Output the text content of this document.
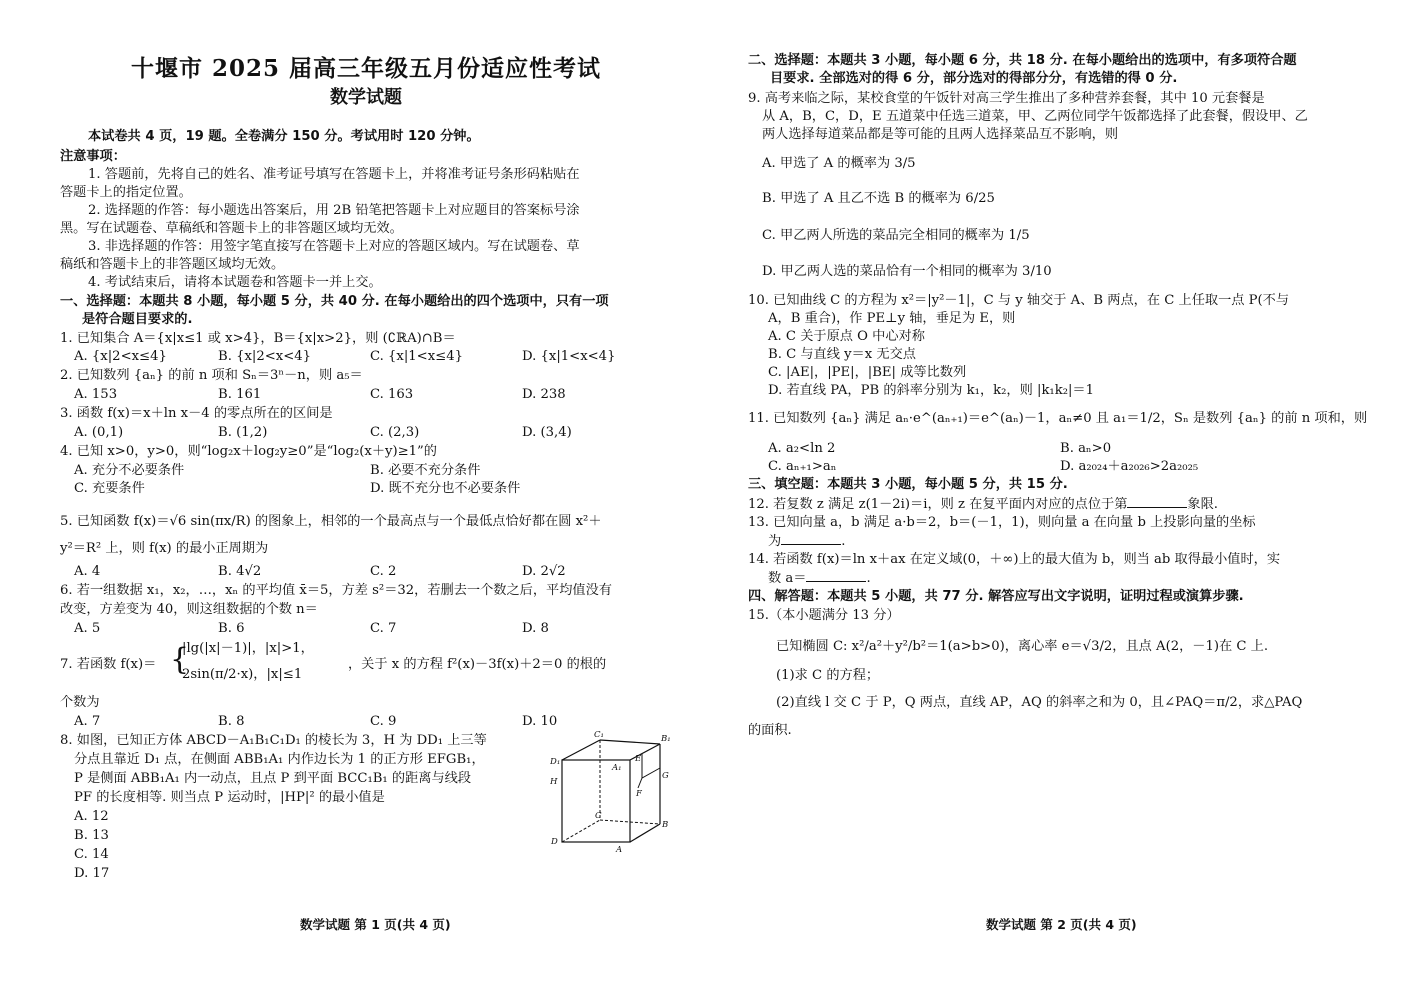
十堰市 2025 届高三年级五月份适应性考试
数学试题
本试卷共 4 页，19 题。全卷满分 150 分。考试用时 120 分钟。
注意事项：
1. 答题前，先将自己的姓名、准考证号填写在答题卡上，并将准考证号条形码粘贴在
答题卡上的指定位置。
2. 选择题的作答：每小题选出答案后，用 2B 铅笔把答题卡上对应题目的答案标号涂
黑。写在试题卷、草稿纸和答题卡上的非答题区域均无效。
3. 非选择题的作答：用签字笔直接写在答题卡上对应的答题区域内。写在试题卷、草
稿纸和答题卡上的非答题区域均无效。
4. 考试结束后，请将本试题卷和答题卡一并上交。
一、选择题：本题共 8 小题，每小题 5 分，共 40 分. 在每小题给出的四个选项中，只有一项
是符合题目要求的.
1. 已知集合 A＝{x|x≤1 或 x>4}，B＝{x|x>2}，则 (∁ℝA)∩B＝
A. {x|2<x≤4}	B. {x|2<x<4}	C. {x|1<x≤4}	D. {x|1<x<4}
2. 已知数列 {aₙ} 的前 n 项和 Sₙ＝3ⁿ－n，则 a₅＝
A. 153	B. 161	C. 163	D. 238
3. 函数 f(x)＝x＋ln x－4 的零点所在的区间是
A. (0,1)	B. (1,2)	C. (2,3)	D. (3,4)
4. 已知 x>0，y>0，则“log₂x＋log₂y≥0”是“log₂(x＋y)≥1”的
A. 充分不必要条件	B. 必要不充分条件
C. 充要条件	D. 既不充分也不必要条件
5. 已知函数 f(x)＝√6 sin(πx/R) 的图象上，相邻的一个最高点与一个最低点恰好都在圆 x²＋
y²＝R² 上，则 f(x) 的最小正周期为
A. 4	B. 4√2	C. 2	D. 2√2
6. 若一组数据 x₁，x₂，…，xₙ 的平均值 x̄＝5，方差 s²＝32，若删去一个数之后，平均值没有
改变，方差变为 40，则这组数据的个数 n＝
A. 5	B. 6	C. 7	D. 8
7. 若函数 f(x)＝ {
|lg(|x|－1)|，|x|>1，
2sin(π/2·x)，|x|≤1
，关于 x 的方程 f²(x)－3f(x)＋2＝0 的根的
个数为
A. 7	B. 8	C. 9	D. 10
8. 如图，已知正方体 ABCD－A₁B₁C₁D₁ 的棱长为 3，H 为 DD₁ 上三等
分点且靠近 D₁ 点，在侧面 ABB₁A₁ 内作边长为 1 的正方形 EFGB₁，
P 是侧面 ABB₁A₁ 内一动点，且点 P 到平面 BCC₁B₁ 的距离与线段
PF 的长度相等. 则当点 P 运动时，|HP|² 的最小值是
A. 12
B. 13
C. 14
D. 17
C₁	B₁
D₁
A₁
E
G
H
F
C
B
D
A
数学试题 第 1 页(共 4 页)
二、选择题：本题共 3 小题，每小题 6 分，共 18 分. 在每小题给出的选项中，有多项符合题
目要求. 全部选对的得 6 分，部分选对的得部分分，有选错的得 0 分.
9. 高考来临之际，某校食堂的午饭针对高三学生推出了多种营养套餐，其中 10 元套餐是
从 A，B，C，D，E 五道菜中任选三道菜，甲、乙两位同学午饭都选择了此套餐，假设甲、乙
两人选择每道菜品都是等可能的且两人选择菜品互不影响，则
A. 甲选了 A 的概率为 3/5
B. 甲选了 A 且乙不选 B 的概率为 6/25
C. 甲乙两人所选的菜品完全相同的概率为 1/5
D. 甲乙两人选的菜品恰有一个相同的概率为 3/10
10. 已知曲线 C 的方程为 x²＝|y²－1|，C 与 y 轴交于 A、B 两点，在 C 上任取一点 P(不与
A，B 重合)，作 PE⊥y 轴，垂足为 E，则
A. C 关于原点 O 中心对称
B. C 与直线 y＝x 无交点
C. |AE|，|PE|，|BE| 成等比数列
D. 若直线 PA，PB 的斜率分别为 k₁，k₂，则 |k₁k₂|＝1
11. 已知数列 {aₙ} 满足 aₙ·e^(aₙ₊₁)＝e^(aₙ)－1，aₙ≠0 且 a₁＝1/2，Sₙ 是数列 {aₙ} 的前 n 项和，则
A. a₂<ln 2	B. aₙ>0
C. aₙ₊₁>aₙ	D. a₂₀₂₄＋a₂₀₂₆>2a₂₀₂₅
三、填空题：本题共 3 小题，每小题 5 分，共 15 分.
12. 若复数 z 满足 z(1－2i)＝i，则 z 在复平面内对应的点位于第	象限.
13. 已知向量 a，b 满足 a·b＝2，b＝(－1，1)，则向量 a 在向量 b 上投影向量的坐标
为	.
14. 若函数 f(x)＝ln x＋ax 在定义域(0，＋∞)上的最大值为 b，则当 ab 取得最小值时，实
数 a＝	.
四、解答题：本题共 5 小题，共 77 分. 解答应写出文字说明，证明过程或演算步骤.
15.（本小题满分 13 分）
已知椭圆 C: x²/a²＋y²/b²＝1(a>b>0)，离心率 e＝√3/2，且点 A(2，－1)在 C 上.
(1)求 C 的方程；
(2)直线 l 交 C 于 P，Q 两点，直线 AP，AQ 的斜率之和为 0，且∠PAQ＝π/2，求△PAQ
的面积.
数学试题 第 2 页(共 4 页)
